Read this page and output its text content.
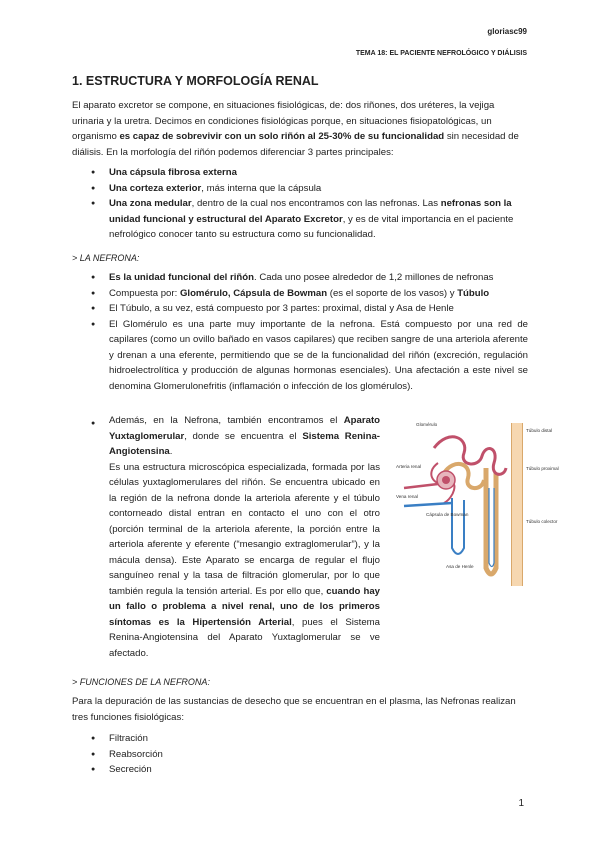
gloriasc99
TEMA 18: EL PACIENTE NEFROLÓGICO Y DIÁLISIS
1. ESTRUCTURA Y MORFOLOGÍA RENAL

El aparato excretor se compone, en situaciones fisiológicas, de: dos riñones, dos uréteres, la vejiga urinaria y la uretra. Decimos en condiciones fisiológicas porque, en situaciones fisiopatológicas, un organismo es capaz de sobrevivir con un solo riñón al 25-30% de su funcionalidad sin necesidad de diálisis. En la morfología del riñón podemos diferenciar 3 partes principales:

● Una cápsula fibrosa externa
● Una corteza exterior, más interna que la cápsula
● Una zona medular, dentro de la cual nos encontramos con las nefronas. Las nefronas son la unidad funcional y estructural del Aparato Excretor, y es de vital importancia en el paciente nefrológico conocer tanto su estructura como su funcionalidad.
> LA NEFRONA:
● Es la unidad funcional del riñón. Cada uno posee alrededor de 1,2 millones de nefronas
● Compuesta por: Glomérulo, Cápsula de Bowman (es el soporte de los vasos) y Túbulo
● El Túbulo, a su vez, está compuesto por 3 partes: proximal, distal y Asa de Henle
● El Glomérulo es una parte muy importante de la nefrona. Está compuesto por una red de capilares (como un ovillo bañado en vasos capilares) que reciben sangre de una arteriola aferente y drenan a una eferente, permitiendo que se de la funcionalidad del riñón (excreción, regulación hidroelectrolítica y producción de algunas hormonas esenciales). Una afectación a este nivel se denomina Glomerulonefritis (inflamación o infección de los glomérulos).
● Además, en la Nefrona, también encontramos el Aparato Yuxtaglomerular, donde se encuentra el Sistema Renina-Angiotensina.
Es una estructura microscópica especializada, formada por las células yuxtaglomerulares del riñón. Se encuentra ubicado en la región de la nefrona donde la arteriola aferente y el túbulo contorneado distal entran en contacto el uno con el otro (porción terminal de la arteriola aferente, la porción entre la arteriola aferente y eferente (“mesangio extraglomerular”), y la mácula densa). Este Aparato se encarga de regular el flujo sanguíneo renal y la tasa de filtración glomerular, por lo que también regula la tensión arterial. Es por ello que, cuando hay un fallo o problema a nivel renal, uno de los primeros síntomas es la Hipertensión Arterial, pues el Sistema Renina-Angiotensina del Aparato Yuxtaglomerular se ve afectado.
Glomérulo
Túbulo distal
Arteria renal	Túbulo proximal
Vena renal
Cápsula de Bowman
Túbulo colector
Asa de Henle
> FUNCIONES DE LA NEFRONA:

Para la depuración de las sustancias de desecho que se encuentran en el plasma, las Nefronas realizan tres funciones fisiológicas:

● Filtración
● Reabsorción
● Secreción
1
